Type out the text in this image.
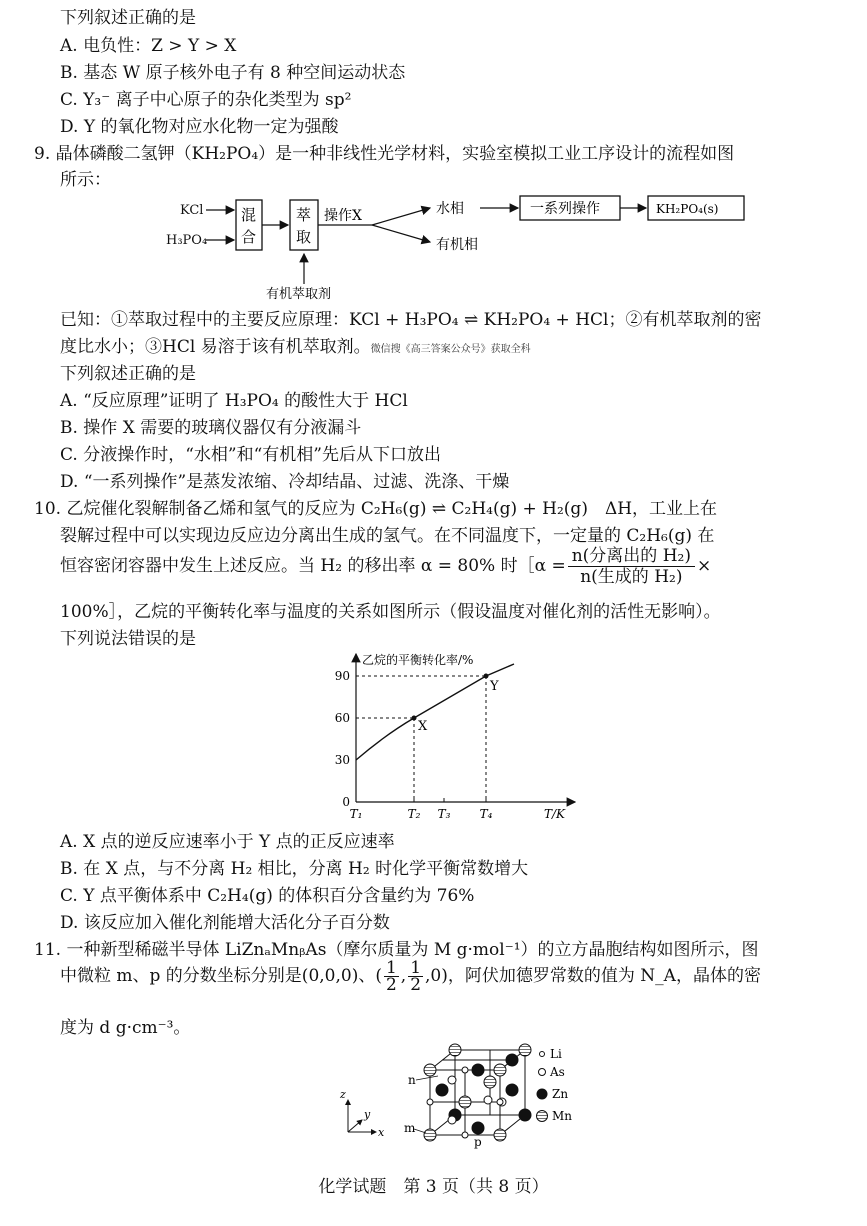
下列叙述正确的是
A. 电负性：Z > Y > X
B. 基态 W 原子核外电子有 8 种空间运动状态
C. Y₃⁻ 离子中心原子的杂化类型为 sp²
D. Y 的氧化物对应水化物一定为强酸
9. 晶体磷酸二氢钾（KH₂PO₄）是一种非线性光学材料，实验室模拟工业工序设计的流程如图
所示：
KCl
H₃PO₄
混
合
萃
取
有机萃取剂
操作X	水相
有机相
一系列操作	KH₂PO₄(s)
已知：①萃取过程中的主要反应原理：KCl + H₃PO₄ ⇌ KH₂PO₄ + HCl；②有机萃取剂的密
度比水小；③HCl 易溶于该有机萃取剂。微信搜《高三答案公众号》获取全科
下列叙述正确的是
A. “反应原理”证明了 H₃PO₄ 的酸性大于 HCl
B. 操作 X 需要的玻璃仪器仅有分液漏斗
C. 分液操作时，“水相”和“有机相”先后从下口放出
D. “一系列操作”是蒸发浓缩、冷却结晶、过滤、洗涤、干燥
10. 乙烷催化裂解制备乙烯和氢气的反应为 C₂H₆(g) ⇌ C₂H₄(g) + H₂(g)　ΔH，工业上在
裂解过程中可以实现边反应边分离出生成的氢气。在不同温度下，一定量的 C₂H₆(g) 在
恒容密闭容器中发生上述反应。当 H₂ 的移出率 α = 80% 时［α = $\frac{\text{n(分离出的 H₂)}}{\text{n(生成的 H₂)}}$ ×
100%］，乙烷的平衡转化率与温度的关系如图所示（假设温度对催化剂的活性无影响）。
下列说法错误的是
乙烷的平衡转化率/%
T/K
0
30
60
90
T₁	T₂ T₃ T₄
X
Y
A. X 点的逆反应速率小于 Y 点的正反应速率
B. 在 X 点，与不分离 H₂ 相比，分离 H₂ 时化学平衡常数增大
C. Y 点平衡体系中 C₂H₄(g) 的体积百分含量约为 76%
D. 该反应加入催化剂能增大活化分子百分数
11. 一种新型稀磁半导体 LiZnₐMnᵦAs（摩尔质量为 M g·mol⁻¹）的立方晶胞结构如图所示，图
中微粒 m、p 的分数坐标分别是(0,0,0)、( $\frac{1}{2}$ , $\frac{1}{2} ,0$)，阿伏加德罗常数的值为 N_A，晶体的密
度为 d g·cm⁻³。
z
y
x
n
m
p
Li
As
Zn
Mn
化学试题　第 3 页（共 8 页）
